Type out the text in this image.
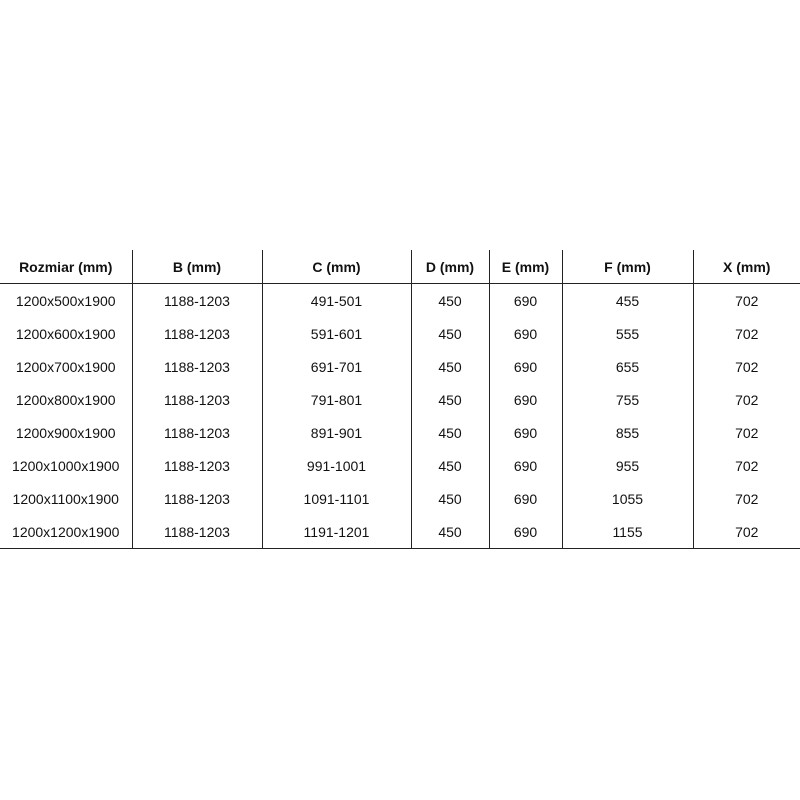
Rozmiar (mm)	B (mm)	C (mm)	D (mm)	E (mm)	F (mm)	X (mm)
1200x500x1900	1188-1203	491-501	450	690	455	702
1200x600x1900	1188-1203	591-601	450	690	555	702
1200x700x1900	1188-1203	691-701	450	690	655	702
1200x800x1900	1188-1203	791-801	450	690	755	702
1200x900x1900	1188-1203	891-901	450	690	855	702
1200x1000x1900	1188-1203	991-1001	450	690	955	702
1200x1100x1900	1188-1203	1091-1101	450	690	1055	702
1200x1200x1900	1188-1203	1191-1201	450	690	1155	702
